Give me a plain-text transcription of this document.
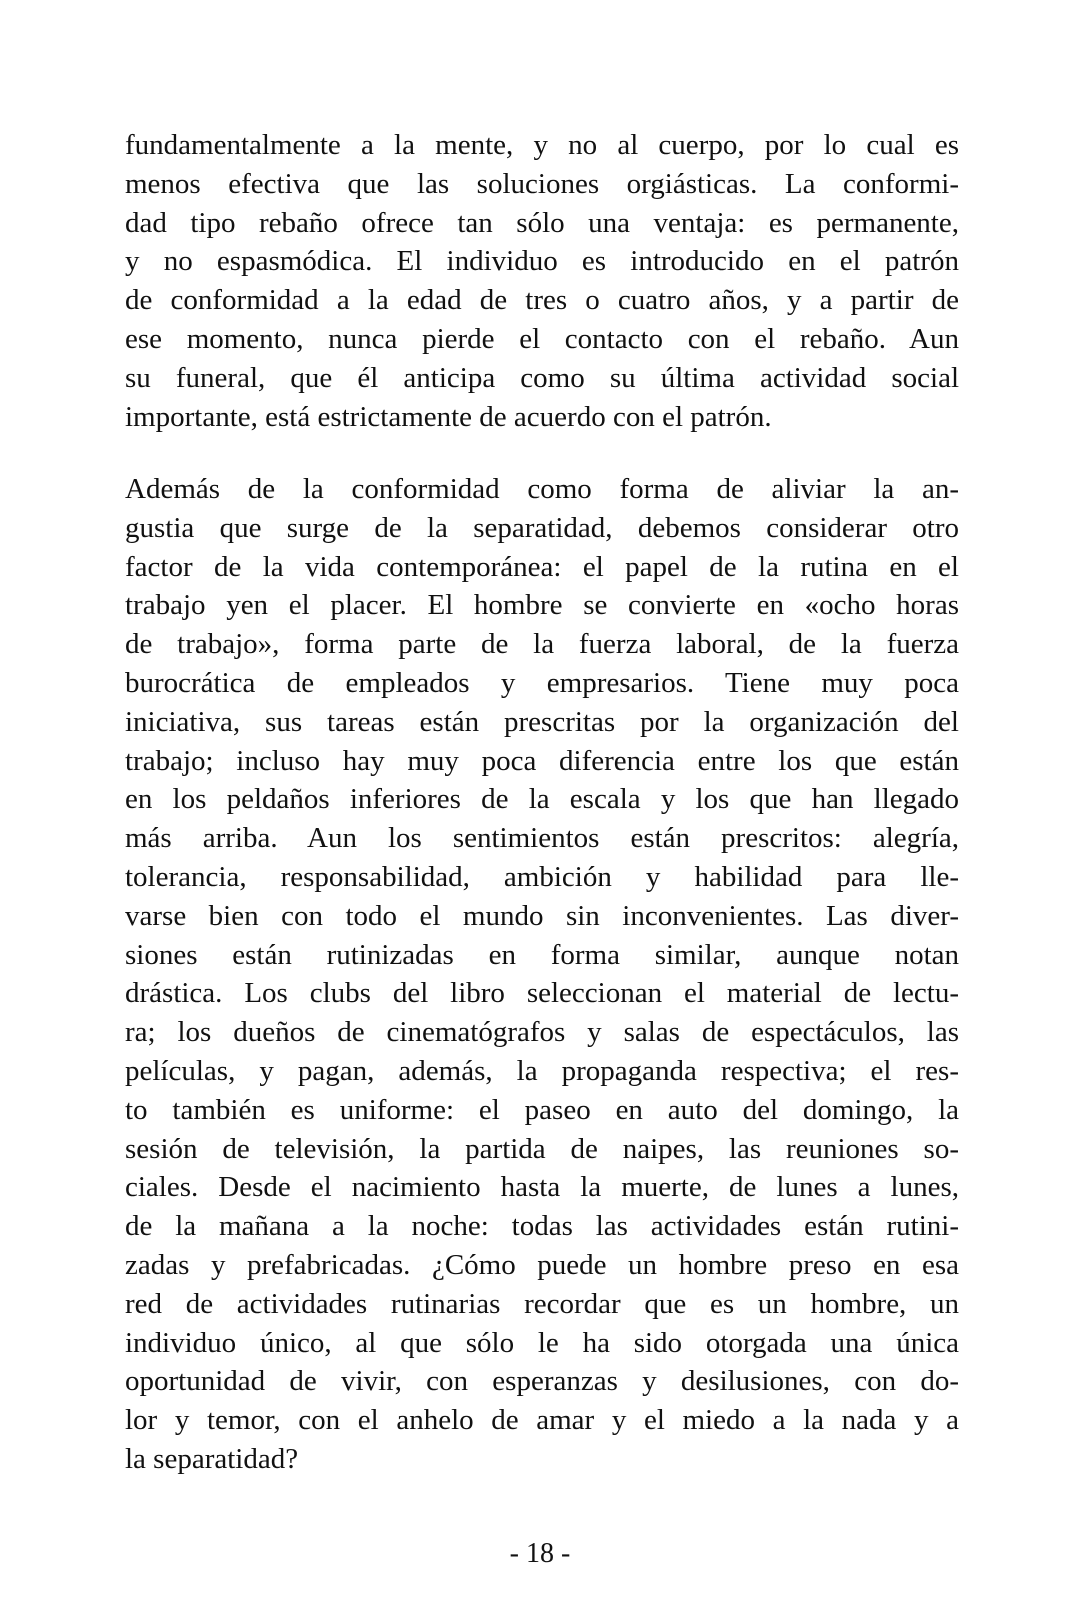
fundamentalmente a la mente, y no al cuerpo, por lo cual es
menos efectiva que las soluciones orgiásticas. La conformi-
dad tipo rebaño ofrece tan sólo una ventaja: es permanente,
y no espasmódica. El individuo es introducido en el patrón
de conformidad a la edad de tres o cuatro años, y a partir de
ese momento, nunca pierde el contacto con el rebaño. Aun
su funeral, que él anticipa como su última actividad social
importante, está estrictamente de acuerdo con el patrón.
Además de la conformidad como forma de aliviar la an-
gustia que surge de la separatidad, debemos considerar otro
factor de la vida contemporánea: el papel de la rutina en el
trabajo yen el placer. El hombre se convierte en «ocho horas
de trabajo», forma parte de la fuerza laboral, de la fuerza
burocrática de empleados y empresarios. Tiene muy poca
iniciativa, sus tareas están prescritas por la organización del
trabajo; incluso hay muy poca diferencia entre los que están
en los peldaños inferiores de la escala y los que han llegado
más arriba. Aun los sentimientos están prescritos: alegría,
tolerancia, responsabilidad, ambición y habilidad para lle-
varse bien con todo el mundo sin inconvenientes. Las diver-
siones están rutinizadas en forma similar, aunque notan
drástica. Los clubs del libro seleccionan el material de lectu-
ra; los dueños de cinematógrafos y salas de espectáculos, las
películas, y pagan, además, la propaganda respectiva; el res-
to también es uniforme: el paseo en auto del domingo, la
sesión de televisión, la partida de naipes, las reuniones so-
ciales. Desde el nacimiento hasta la muerte, de lunes a lunes,
de la mañana a la noche: todas las actividades están rutini-
zadas y prefabricadas. ¿Cómo puede un hombre preso en esa
red de actividades rutinarias recordar que es un hombre, un
individuo único, al que sólo le ha sido otorgada una única
oportunidad de vivir, con esperanzas y desilusiones, con do-
lor y temor, con el anhelo de amar y el miedo a la nada y a
la separatidad?
- 18 -
